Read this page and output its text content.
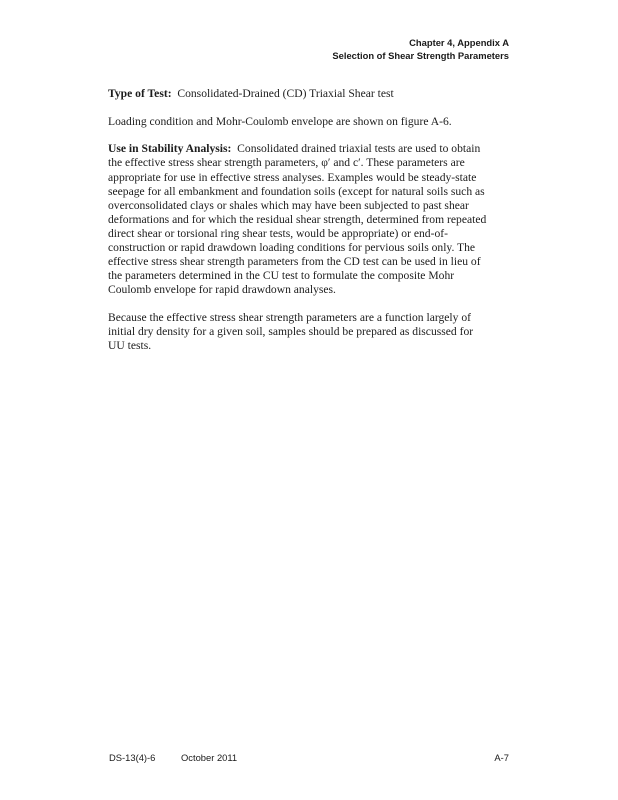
Chapter 4, Appendix A
Selection of Shear Strength Parameters

Type of Test:  Consolidated-Drained (CD) Triaxial Shear test

Loading condition and Mohr-Coulomb envelope are shown on figure A-6.

Use in Stability Analysis:  Consolidated drained triaxial tests are used to obtain
the effective stress shear strength parameters, φ′ and c′. These parameters are
appropriate for use in effective stress analyses. Examples would be steady-state
seepage for all embankment and foundation soils (except for natural soils such as
overconsolidated clays or shales which may have been subjected to past shear
deformations and for which the residual shear strength, determined from repeated
direct shear or torsional ring shear tests, would be appropriate) or end-of-
construction or rapid drawdown loading conditions for pervious soils only. The
effective stress shear strength parameters from the CD test can be used in lieu of
the parameters determined in the CU test to formulate the composite Mohr
Coulomb envelope for rapid drawdown analyses.

Because the effective stress shear strength parameters are a function largely of
initial dry density for a given soil, samples should be prepared as discussed for
UU tests.

DS-13(4)-6	October 2011	A-7
